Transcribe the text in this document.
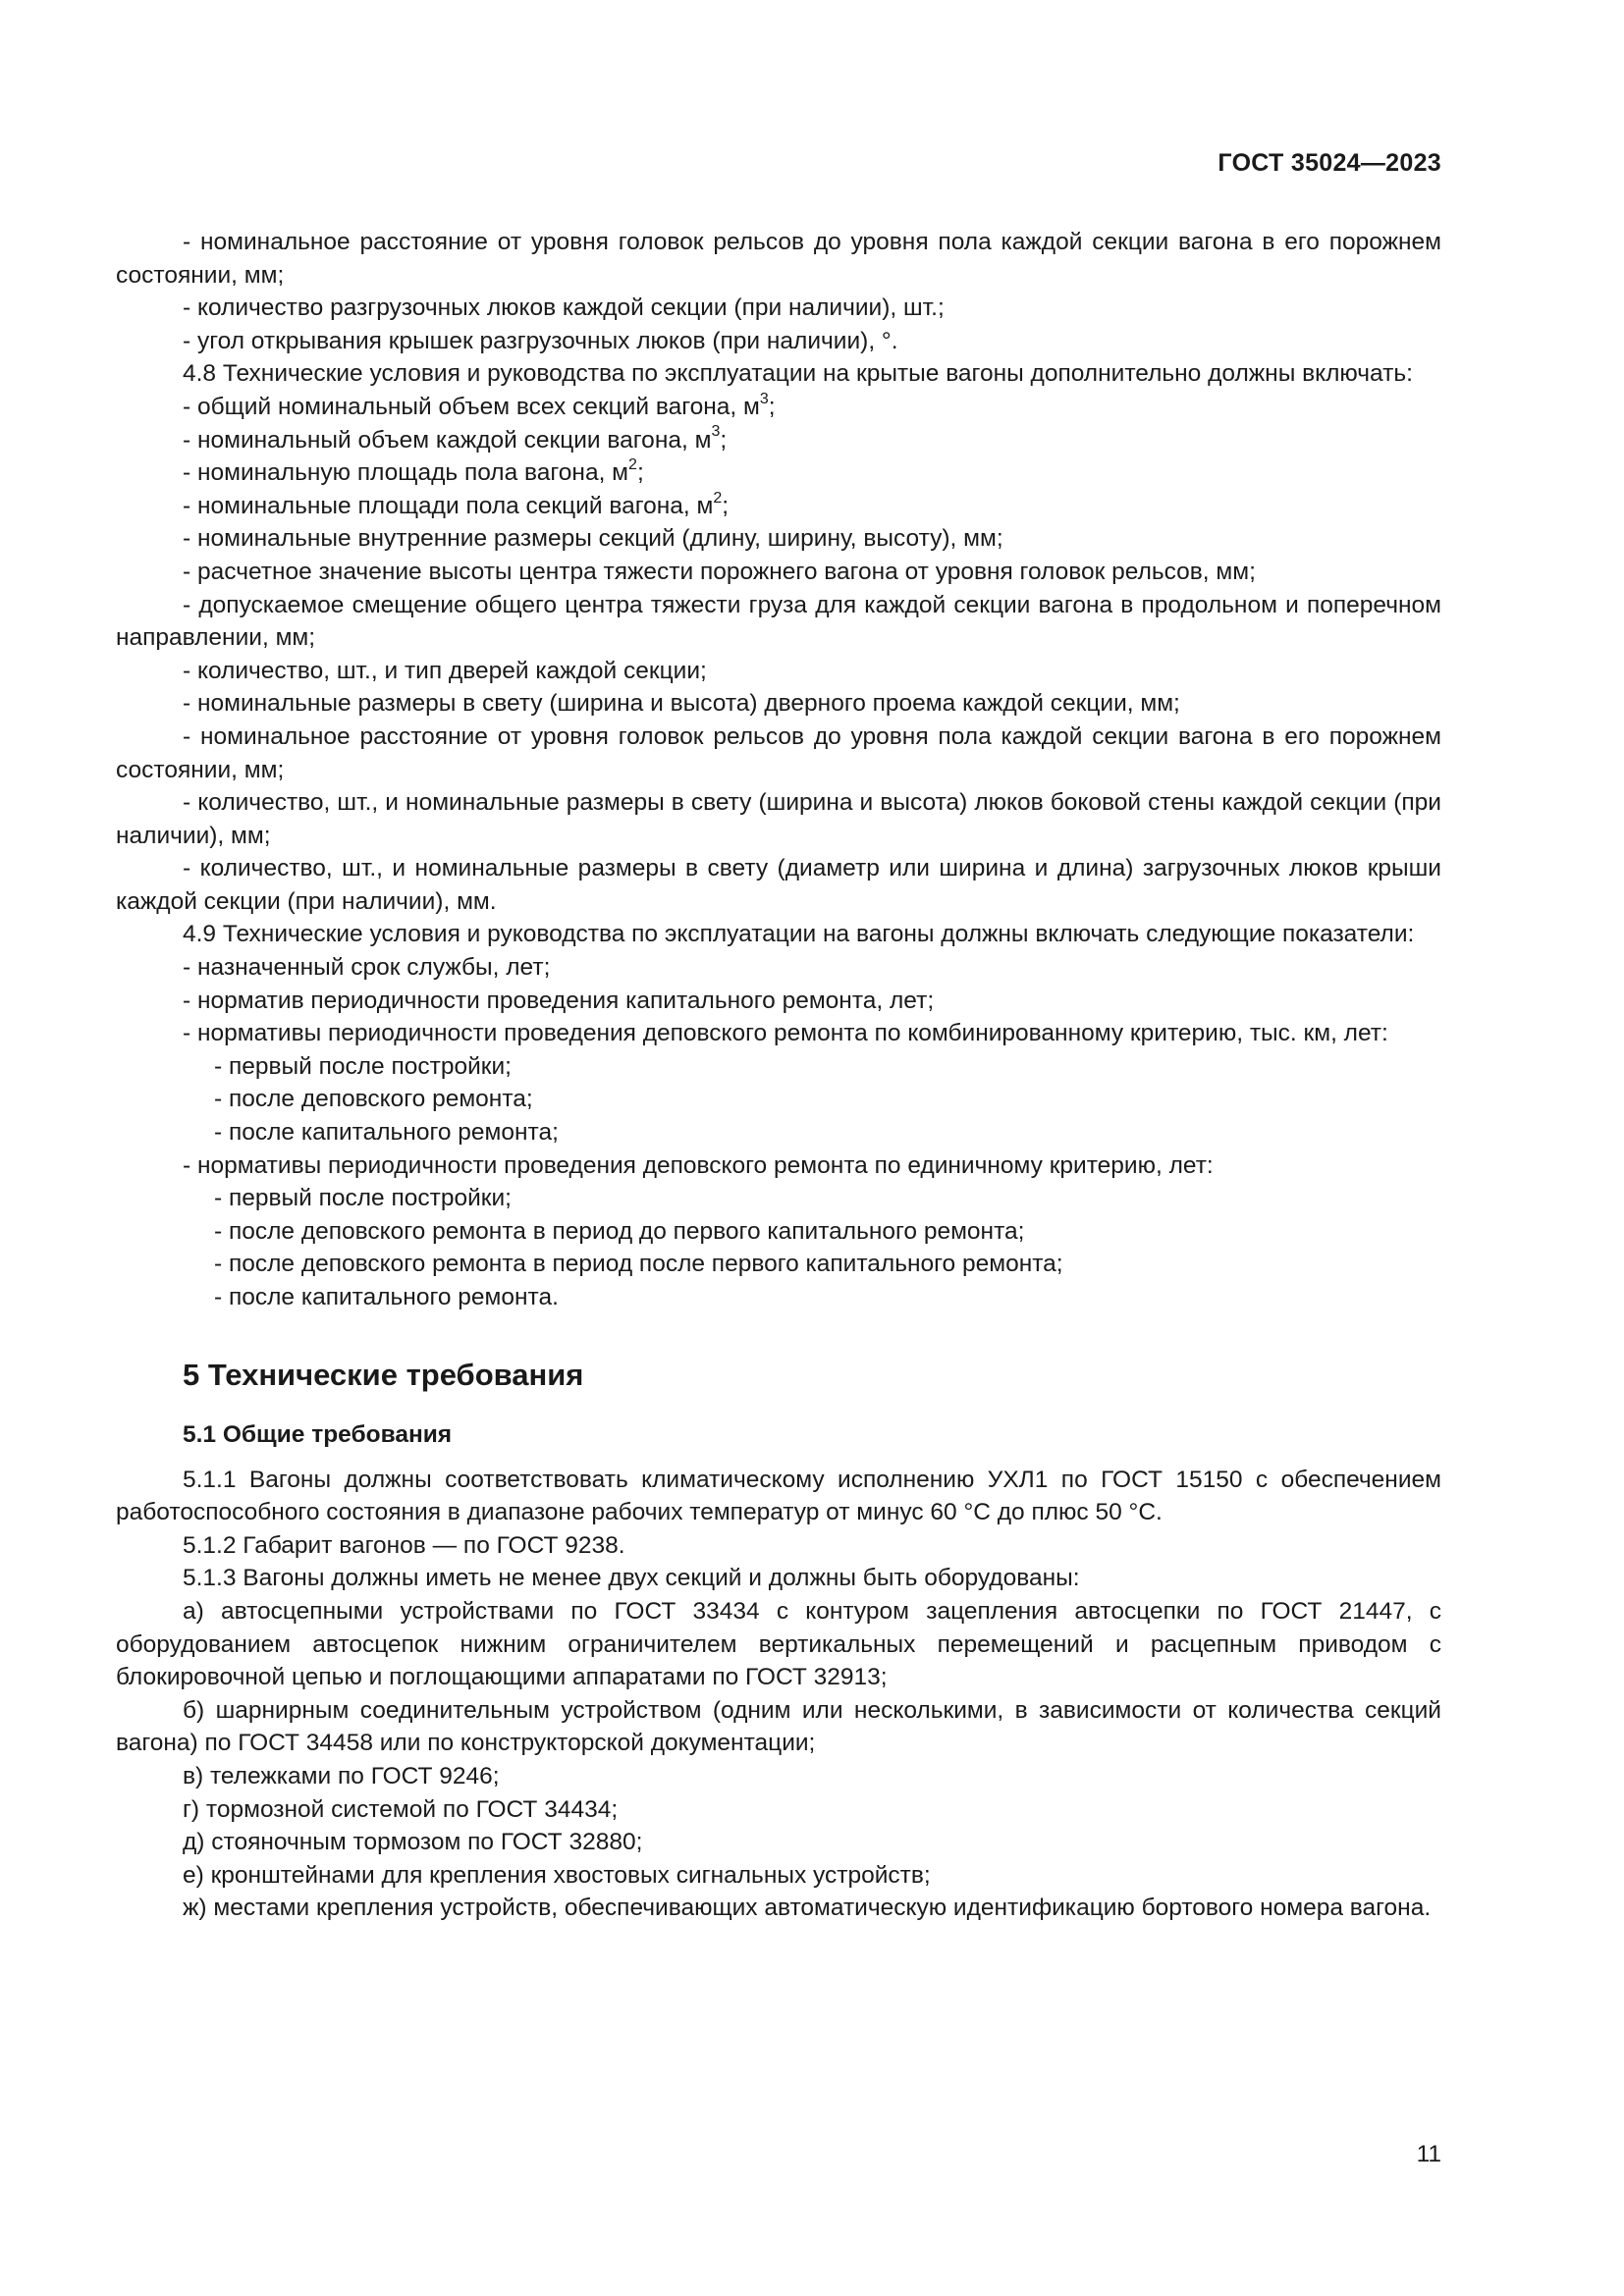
ГОСТ 35024—2023
- номинальное расстояние от уровня головок рельсов до уровня пола каждой секции вагона в его порожнем состоянии, мм;
- количество разгрузочных люков каждой секции (при наличии), шт.;
- угол открывания крышек разгрузочных люков (при наличии), °.
4.8 Технические условия и руководства по эксплуатации на крытые вагоны дополнительно должны включать:
- общий номинальный объем всех секций вагона, $м^3$;
- номинальный объем каждой секции вагона, $м^3$;
- номинальную площадь пола вагона, $м^2$;
- номинальные площади пола секций вагона, $м^2$;
- номинальные внутренние размеры секций (длину, ширину, высоту), мм;
- расчетное значение высоты центра тяжести порожнего вагона от уровня головок рельсов, мм;
- допускаемое смещение общего центра тяжести груза для каждой секции вагона в продольном и поперечном направлении, мм;
- количество, шт., и тип дверей каждой секции;
- номинальные размеры в свету (ширина и высота) дверного проема каждой секции, мм;
- номинальное расстояние от уровня головок рельсов до уровня пола каждой секции вагона в его порожнем состоянии, мм;
- количество, шт., и номинальные размеры в свету (ширина и высота) люков боковой стены каждой секции (при наличии), мм;
- количество, шт., и номинальные размеры в свету (диаметр или ширина и длина) загрузочных люков крыши каждой секции (при наличии), мм.
4.9 Технические условия и руководства по эксплуатации на вагоны должны включать следующие показатели:
- назначенный срок службы, лет;
- норматив периодичности проведения капитального ремонта, лет;
- нормативы периодичности проведения деповского ремонта по комбинированному критерию, тыс. км, лет:
- первый после постройки;
- после деповского ремонта;
- после капитального ремонта;
- нормативы периодичности проведения деповского ремонта по единичному критерию, лет:
- первый после постройки;
- после деповского ремонта в период до первого капитального ремонта;
- после деповского ремонта в период после первого капитального ремонта;
- после капитального ремонта.
5 Технические требования
5.1 Общие требования
5.1.1 Вагоны должны соответствовать климатическому исполнению УХЛ1 по ГОСТ 15150 с обеспечением работоспособного состояния в диапазоне рабочих температур от минус 60 °С до плюс 50 °С.
5.1.2 Габарит вагонов — по ГОСТ 9238.
5.1.3 Вагоны должны иметь не менее двух секций и должны быть оборудованы:
а) автосцепными устройствами по ГОСТ 33434 с контуром зацепления автосцепки по ГОСТ 21447, с оборудованием автосцепок нижним ограничителем вертикальных перемещений и расцепным приводом с блокировочной цепью и поглощающими аппаратами по ГОСТ 32913;
б) шарнирным соединительным устройством (одним или несколькими, в зависимости от количества секций вагона) по ГОСТ 34458 или по конструкторской документации;
в) тележками по ГОСТ 9246;
г) тормозной системой по ГОСТ 34434;
д) стояночным тормозом по ГОСТ 32880;
е) кронштейнами для крепления хвостовых сигнальных устройств;
ж) местами крепления устройств, обеспечивающих автоматическую идентификацию бортового номера вагона.
11
